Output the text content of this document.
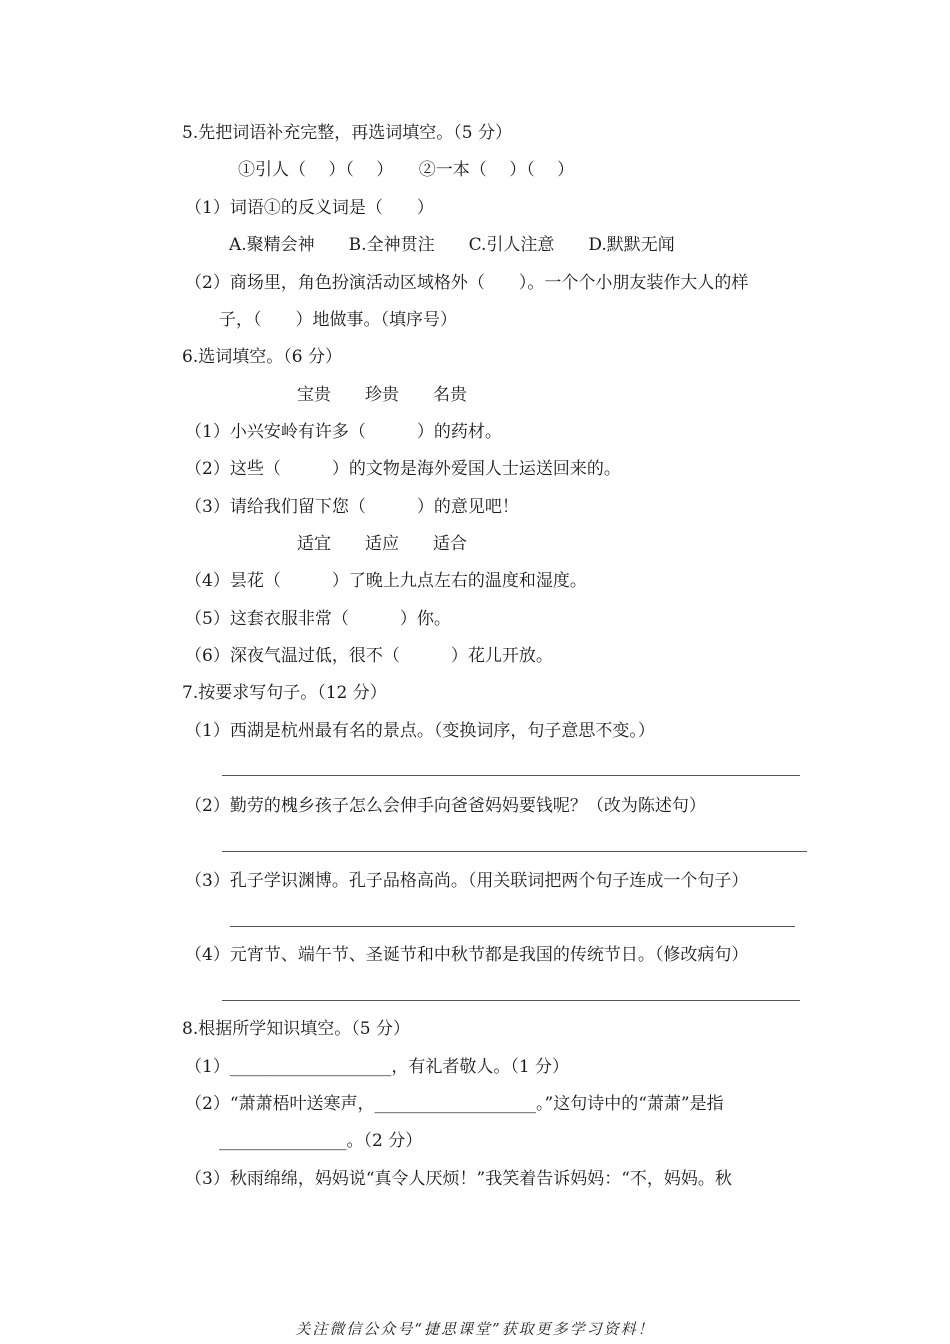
5.先把词语补充完整，再选词填空。（5 分）
①引人（　 ）（　 ）　　②一本（　 ）（　 ）
（1）词语①的反义词是（　　）
A.聚精会神　　B.全神贯注　　C.引人注意　　D.默默无闻
（2）商场里，角色扮演活动区域格外（　　）。一个个小朋友装作大人的样
子，（　　）地做事。（填序号）
6.选词填空。（6 分）
宝贵　　珍贵　　名贵
（1）小兴安岭有许多（　　　）的药材。
（2）这些（　　　）的文物是海外爱国人士运送回来的。
（3）请给我们留下您（　　　）的意见吧！
适宜　　适应　　适合
（4）昙花（　　　）了晚上九点左右的温度和湿度。
（5）这套衣服非常（　　　）你。
（6）深夜气温过低，很不（　　　）花儿开放。
7.按要求写句子。（12 分）
（1）西湖是杭州最有名的景点。（变换词序，句子意思不变。）
（2）勤劳的槐乡孩子怎么会伸手向爸爸妈妈要钱呢？（改为陈述句）
（3）孔子学识渊博。孔子品格高尚。（用关联词把两个句子连成一个句子）
（4）元宵节、端午节、圣诞节和中秋节都是我国的传统节日。（修改病句）
8.根据所学知识填空。（5 分）
（1）___________________，有礼者敬人。（1 分）
（2）“萧萧梧叶送寒声，___________________。”这句诗中的“萧萧”是指
_______________。（2 分）
（3）秋雨绵绵，妈妈说“真令人厌烦！”我笑着告诉妈妈：“不，妈妈。秋
关注微信公众号“捷思课堂”获取更多学习资料！
